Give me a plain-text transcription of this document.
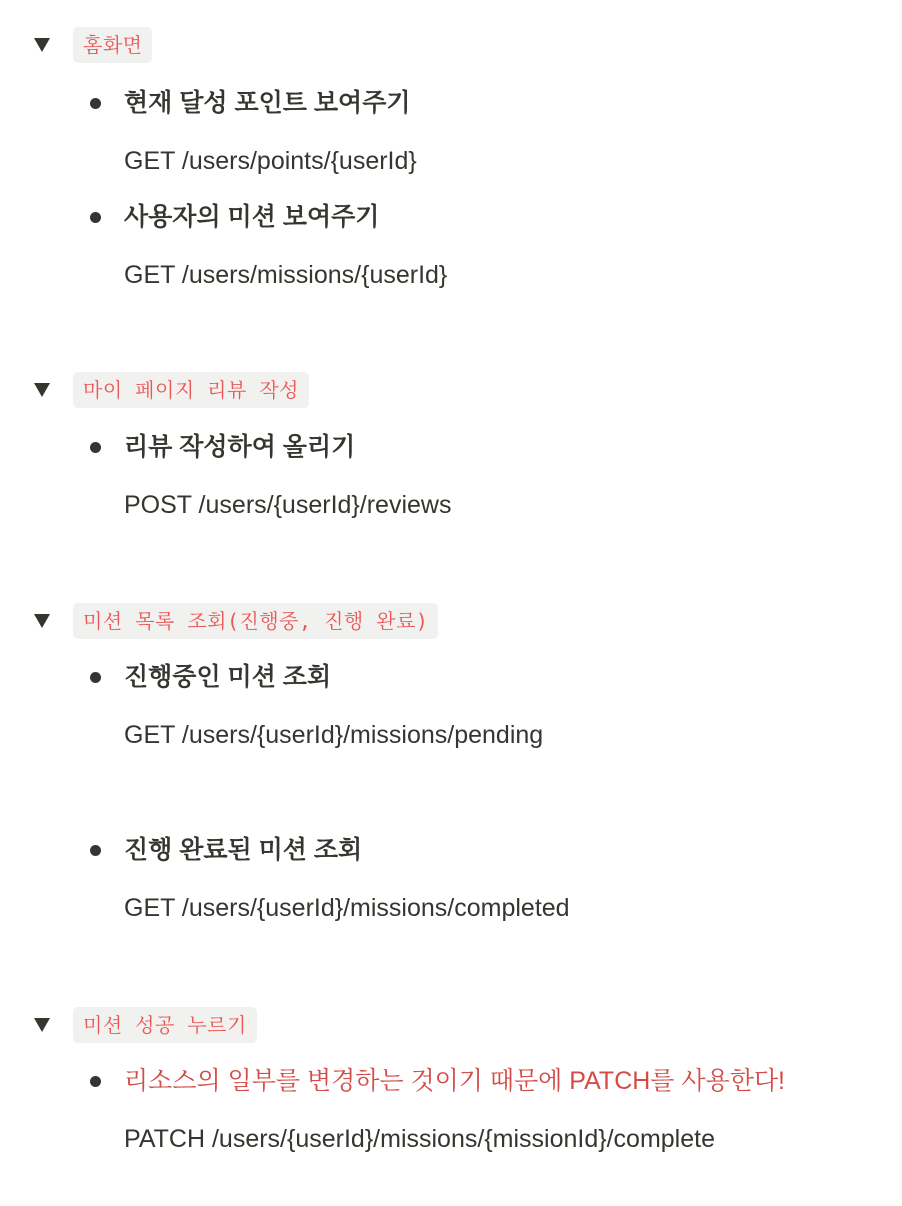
홈화면
현재 달성 포인트 보여주기
GET /users/points/{userId}
사용자의 미션 보여주기
GET /users/missions/{userId}
마이 페이지 리뷰 작성
리뷰 작성하여 올리기
POST /users/{userId}/reviews
미션 목록 조회(진행중, 진행 완료)
진행중인 미션 조회
GET /users/{userId}/missions/pending
진행 완료된 미션 조회
GET /users/{userId}/missions/completed
미션 성공 누르기
리소스의 일부를 변경하는 것이기 때문에 PATCH를 사용한다!
PATCH /users/{userId}/missions/{missionId}/complete
